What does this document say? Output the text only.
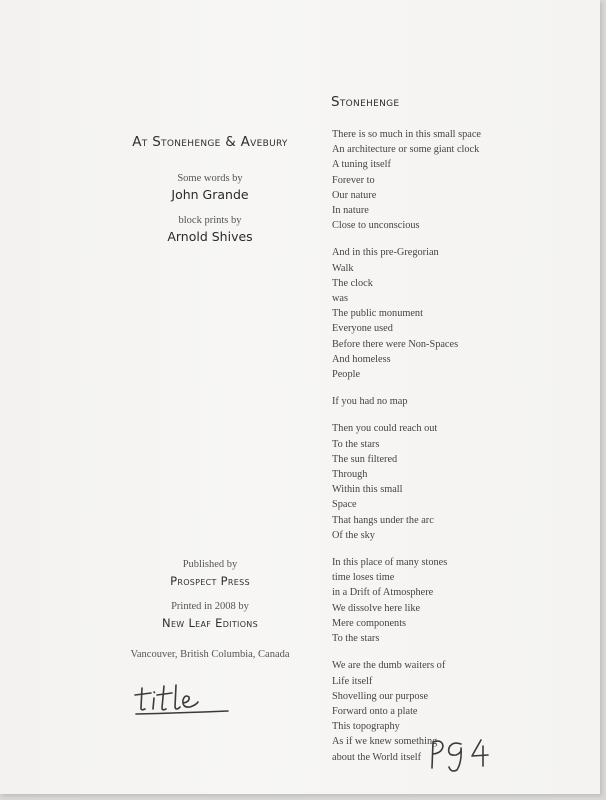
At Stonehenge & Avebury
Some words by
John Grande
block prints by
Arnold Shives
Published by
Prospect Press
Printed in 2008 by
New Leaf Editions
Vancouver, British Columbia, Canada
Stonehenge
There is so much in this small space
An architecture or some giant clock
A tuning itself
Forever to
Our nature
In nature
Close to unconscious
And in this pre-Gregorian
Walk
The clock
was
The public monument
Everyone used
Before there were Non-Spaces
And homeless
People
If you had no map
Then you could reach out
To the stars
The sun filtered
Through
Within this small
Space
That hangs under the arc
Of the sky
In this place of many stones
time loses time
in a Drift of Atmosphere
We dissolve here like
Mere components
To the stars
We are the dumb waiters of
Life itself
Shovelling our purpose
Forward onto a plate
This topography
As if we knew something
about the World itself
